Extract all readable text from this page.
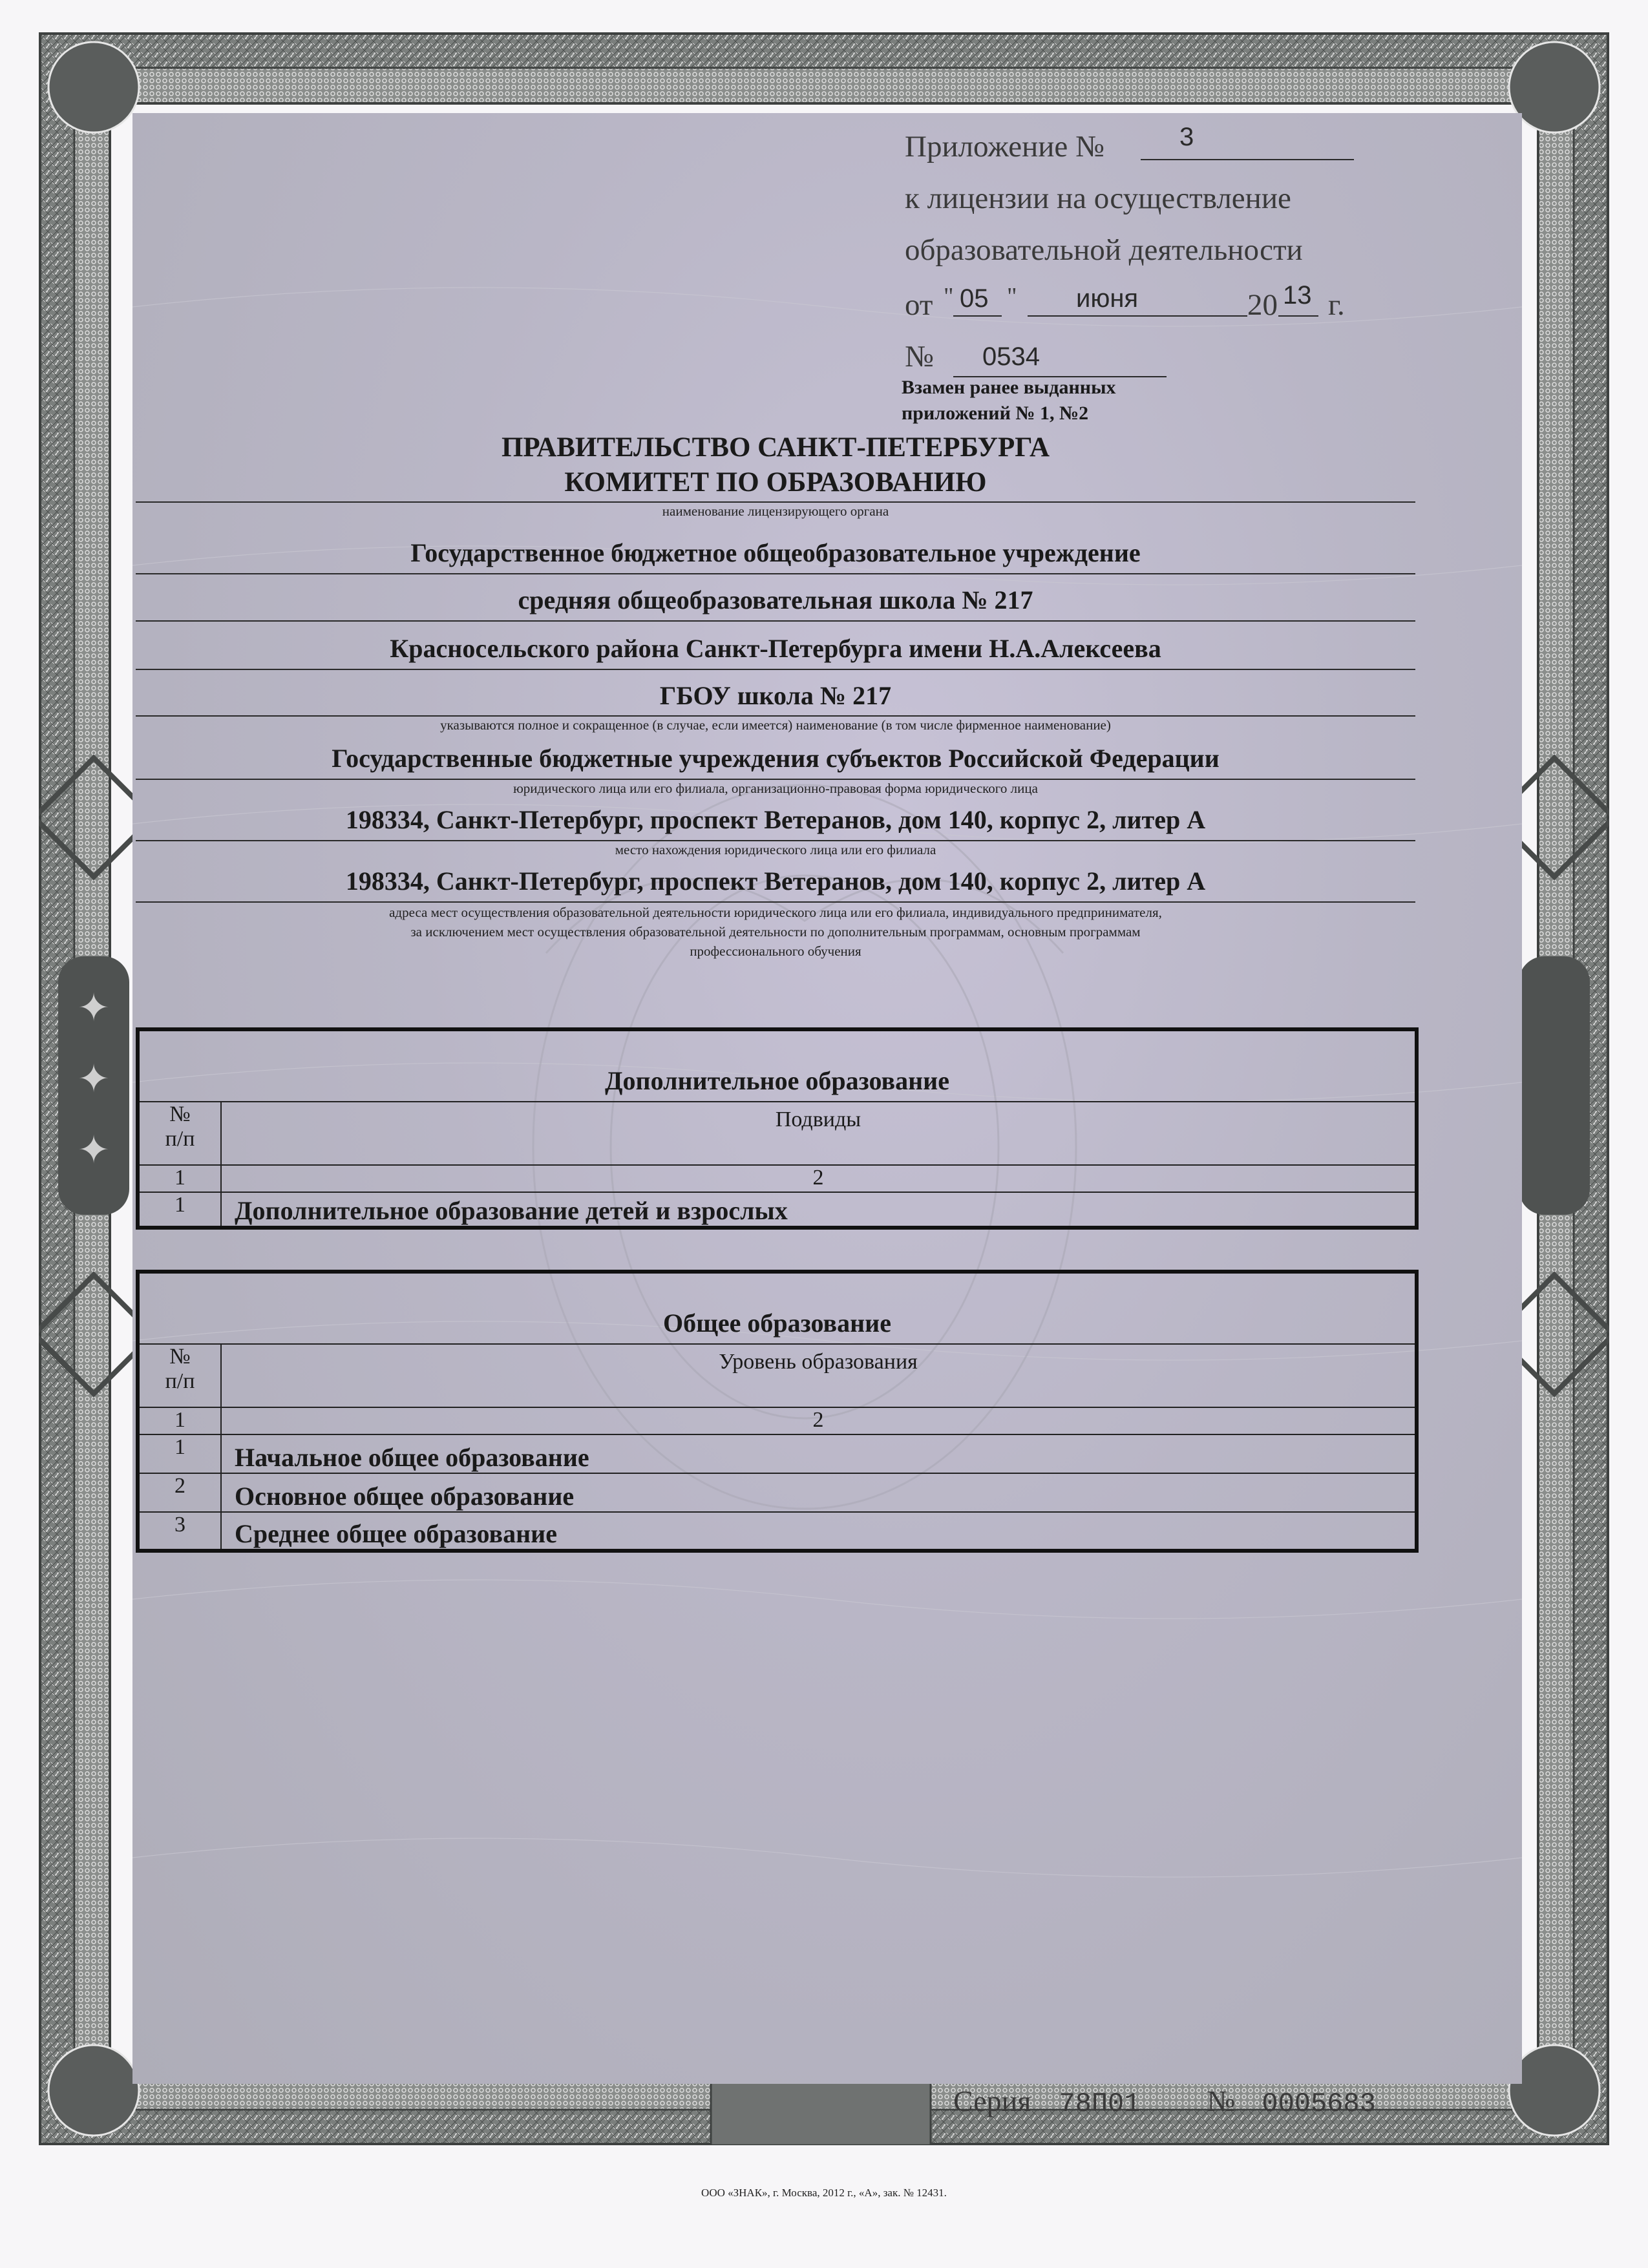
✦
✦
✦
Приложение №	3
к лицензии на осуществление
образовательной деятельности
от " 05 " июня	20 13 г.
№ 0534
Взамен ранее выданных
приложений № 1, №2
ПРАВИТЕЛЬСТВО САНКТ-ПЕТЕРБУРГА
КОМИТЕТ ПО ОБРАЗОВАНИЮ
наименование лицензирующего органа
Государственное бюджетное общеобразовательное учреждение
средняя общеобразовательная школа № 217
Красносельского района Санкт-Петербурга имени Н.А.Алексеева
ГБОУ школа № 217
указываются полное и сокращенное (в случае, если имеется) наименование (в том числе фирменное наименование)
Государственные бюджетные учреждения субъектов Российской Федерации
юридического лица или его филиала, организационно-правовая форма юридического лица
198334, Санкт-Петербург, проспект Ветеранов, дом 140, корпус 2, литер А
место нахождения юридического лица или его филиала
198334, Санкт-Петербург, проспект Ветеранов, дом 140, корпус 2, литер А
адреса мест осуществления образовательной деятельности юридического лица или его филиала, индивидуального предпринимателя,
за исключением мест осуществления образовательной деятельности по дополнительным программам, основным программам
профессионального обучения
Дополнительное образование	
№
п/п	Подвиды
1	2
1	Дополнительное образование детей и взрослых
Общее образование	
№
п/п	Уровень образования
1	2
1	Начальное общее образование
2	Основное общее образование
3	Среднее общее образование
Серия 78П01 № 0005683
ООО «ЗНАК», г. Москва, 2012 г., «А», зак. № 12431.
